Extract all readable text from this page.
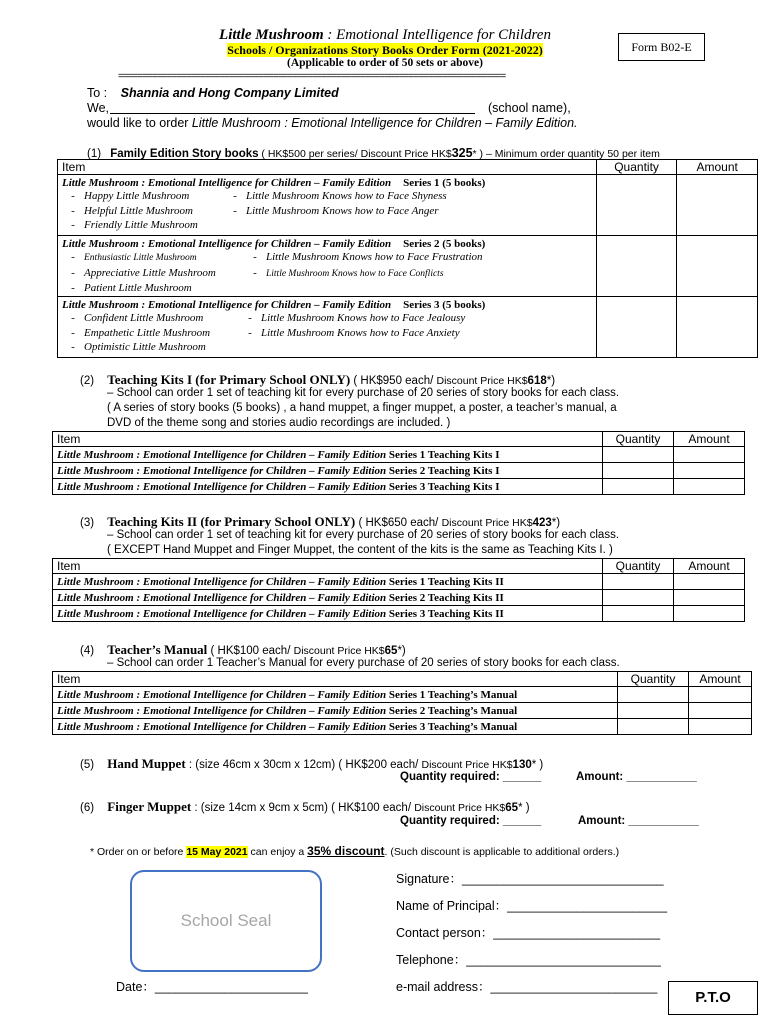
Little Mushroom : Emotional Intelligence for Children
Schools / Organizations Story Books Order Form (2021-2022)
(Applicable to order of 50 sets or above)
Form B02-E
================================================================================
To : Shannia and Hong Company Limited
We,	(school name),
would like to order Little Mushroom : Emotional Intelligence for Children – Family Edition.
(1) Family Edition Story books ( HK$500 per series/ Discount Price HK$325* ) – Minimum order quantity 50 per item
Item	Quantity	Amount

Little Mushroom : Emotional Intelligence for Children – Family Edition Series 1 (5 books)
- Happy Little Mushroom - Little Mushroom Knows how to Face Shyness
- Helpful Little Mushroom - Little Mushroom Knows how to Face Anger
- Friendly Little Mushroom		

Little Mushroom : Emotional Intelligence for Children – Family Edition Series 2 (5 books)
- Enthusiastic Little Mushroom - Little Mushroom Knows how to Face Frustration
- Appreciative Little Mushroom - Little Mushroom Knows how to Face Conflicts
- Patient Little Mushroom		

Little Mushroom : Emotional Intelligence for Children – Family Edition Series 3 (5 books)
- Confident Little Mushroom - Little Mushroom Knows how to Face Jealousy
- Empathetic Little Mushroom - Little Mushroom Knows how to Face Anxiety
- Optimistic Little Mushroom		

(2) Teaching Kits I (for Primary School ONLY) ( HK$950 each/ Discount Price HK$618*)
– School can order 1 set of teaching kit for every purchase of 20 series of story books for each class.
( A series of story books (5 books) , a hand muppet, a finger muppet, a poster, a teacher’s manual, a
DVD of the theme song and stories audio recordings are included. )
Item	Quantity	Amount
Little Mushroom : Emotional Intelligence for Children – Family Edition Series 1 Teaching Kits I		
Little Mushroom : Emotional Intelligence for Children – Family Edition Series 2 Teaching Kits I		
Little Mushroom : Emotional Intelligence for Children – Family Edition Series 3 Teaching Kits I		
(3) Teaching Kits II (for Primary School ONLY) ( HK$650 each/ Discount Price HK$423*)
– School can order 1 set of teaching kit for every purchase of 20 series of story books for each class.
( EXCEPT Hand Muppet and Finger Muppet, the content of the kits is the same as Teaching Kits I. )
Item	Quantity	Amount
Little Mushroom : Emotional Intelligence for Children – Family Edition Series 1 Teaching Kits II		
Little Mushroom : Emotional Intelligence for Children – Family Edition Series 2 Teaching Kits II		
Little Mushroom : Emotional Intelligence for Children – Family Edition Series 3 Teaching Kits II		
(4) Teacher’s Manual ( HK$100 each/ Discount Price HK$65*)
– School can order 1 Teacher’s Manual for every purchase of 20 series of story books for each class.
Item	Quantity	Amount
Little Mushroom : Emotional Intelligence for Children – Family Edition Series 1 Teaching’s Manual		
Little Mushroom : Emotional Intelligence for Children – Family Edition Series 2 Teaching’s Manual		
Little Mushroom : Emotional Intelligence for Children – Family Edition Series 3 Teaching’s Manual		
(5) Hand Muppet : (size 46cm x 30cm x 12cm) ( HK$200 each/ Discount Price HK$130* )
Quantity required: ______	Amount: ___________
(6) Finger Muppet : (size 14cm x 9cm x 5cm) ( HK$100 each/ Discount Price HK$65* )
Quantity required: ______	Amount: ___________
* Order on or before 15 May 2021 can enjoy a 35% discount. (Such discount is applicable to additional orders.)
School Seal
Signature：_____________________________
Name of Principal：_______________________
Contact person：________________________
Telephone：____________________________
e-mail address：________________________
Date：______________________
P.T.O
